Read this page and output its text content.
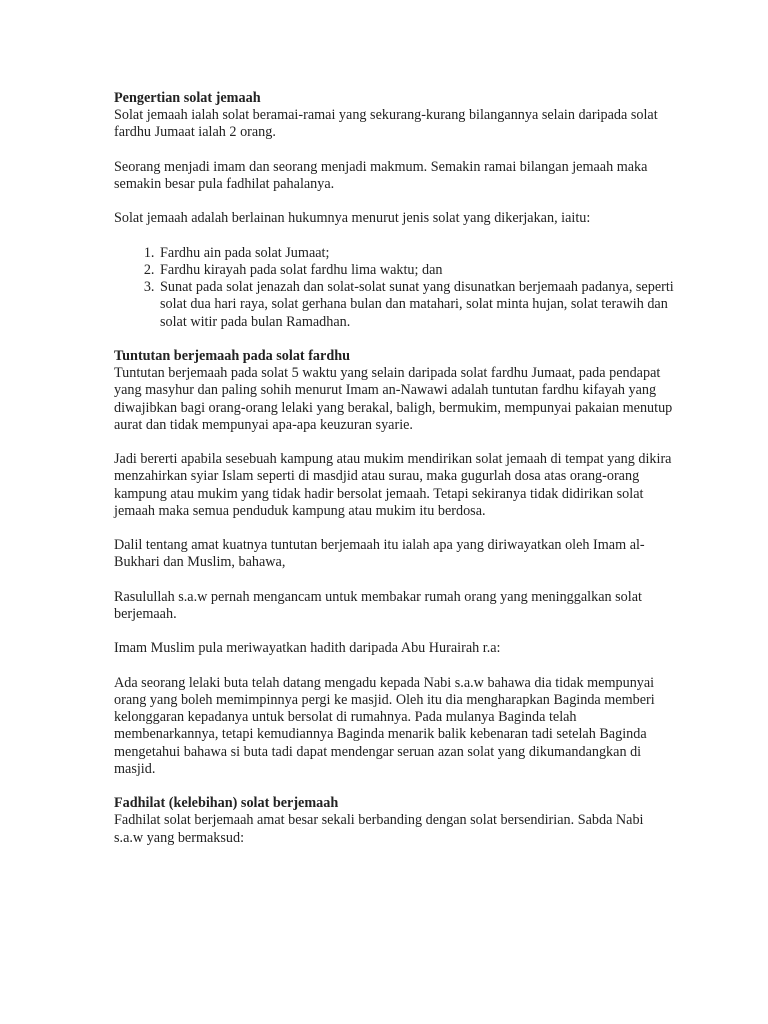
Pengertian solat jemaah

Solat jemaah ialah solat beramai-ramai yang sekurang-kurang bilangannya selain daripada solat fardhu Jumaat ialah 2 orang.

Seorang menjadi imam dan seorang menjadi makmum. Semakin ramai bilangan jemaah maka semakin besar pula fadhilat pahalanya.

Solat jemaah adalah berlainan hukumnya menurut jenis solat yang dikerjakan, iaitu:

1. Fardhu ain pada solat Jumaat;
2. Fardhu kirayah pada solat fardhu lima waktu; dan
3. Sunat pada solat jenazah dan solat-solat sunat yang disunatkan berjemaah padanya, seperti solat dua hari raya, solat gerhana bulan dan matahari, solat minta hujan, solat terawih dan solat witir pada bulan Ramadhan.
Tuntutan berjemaah pada solat fardhu

Tuntutan berjemaah pada solat 5 waktu yang selain daripada solat fardhu Jumaat, pada pendapat yang masyhur dan paling sohih menurut Imam an-Nawawi adalah tuntutan fardhu kifayah yang diwajibkan bagi orang-orang lelaki yang berakal, baligh, bermukim, mempunyai pakaian menutup aurat dan tidak mempunyai apa-apa keuzuran syarie.

Jadi bererti apabila sesebuah kampung atau mukim mendirikan solat jemaah di tempat yang dikira menzahirkan syiar Islam seperti di masdjid atau surau, maka gugurlah dosa atas orang-orang kampung atau mukim yang tidak hadir bersolat jemaah. Tetapi sekiranya tidak didirikan solat jemaah maka semua penduduk kampung atau mukim itu berdosa.

Dalil tentang amat kuatnya tuntutan berjemaah itu ialah apa yang diriwayatkan oleh Imam al-Bukhari dan Muslim, bahawa,

Rasulullah s.a.w pernah mengancam untuk membakar rumah orang yang meninggalkan solat berjemaah.

Imam Muslim pula meriwayatkan hadith daripada Abu Hurairah r.a:

Ada seorang lelaki buta telah datang mengadu kepada Nabi s.a.w bahawa dia tidak mempunyai orang yang boleh memimpinnya pergi ke masjid. Oleh itu dia mengharapkan Baginda memberi kelonggaran kepadanya untuk bersolat di rumahnya. Pada mulanya Baginda telah membenarkannya, tetapi kemudiannya Baginda menarik balik kebenaran tadi setelah Baginda mengetahui bahawa si buta tadi dapat mendengar seruan azan solat yang dikumandangkan di masjid.

Fadhilat (kelebihan) solat berjemaah

Fadhilat solat berjemaah amat besar sekali berbanding dengan solat bersendirian. Sabda Nabi s.a.w yang bermaksud:
